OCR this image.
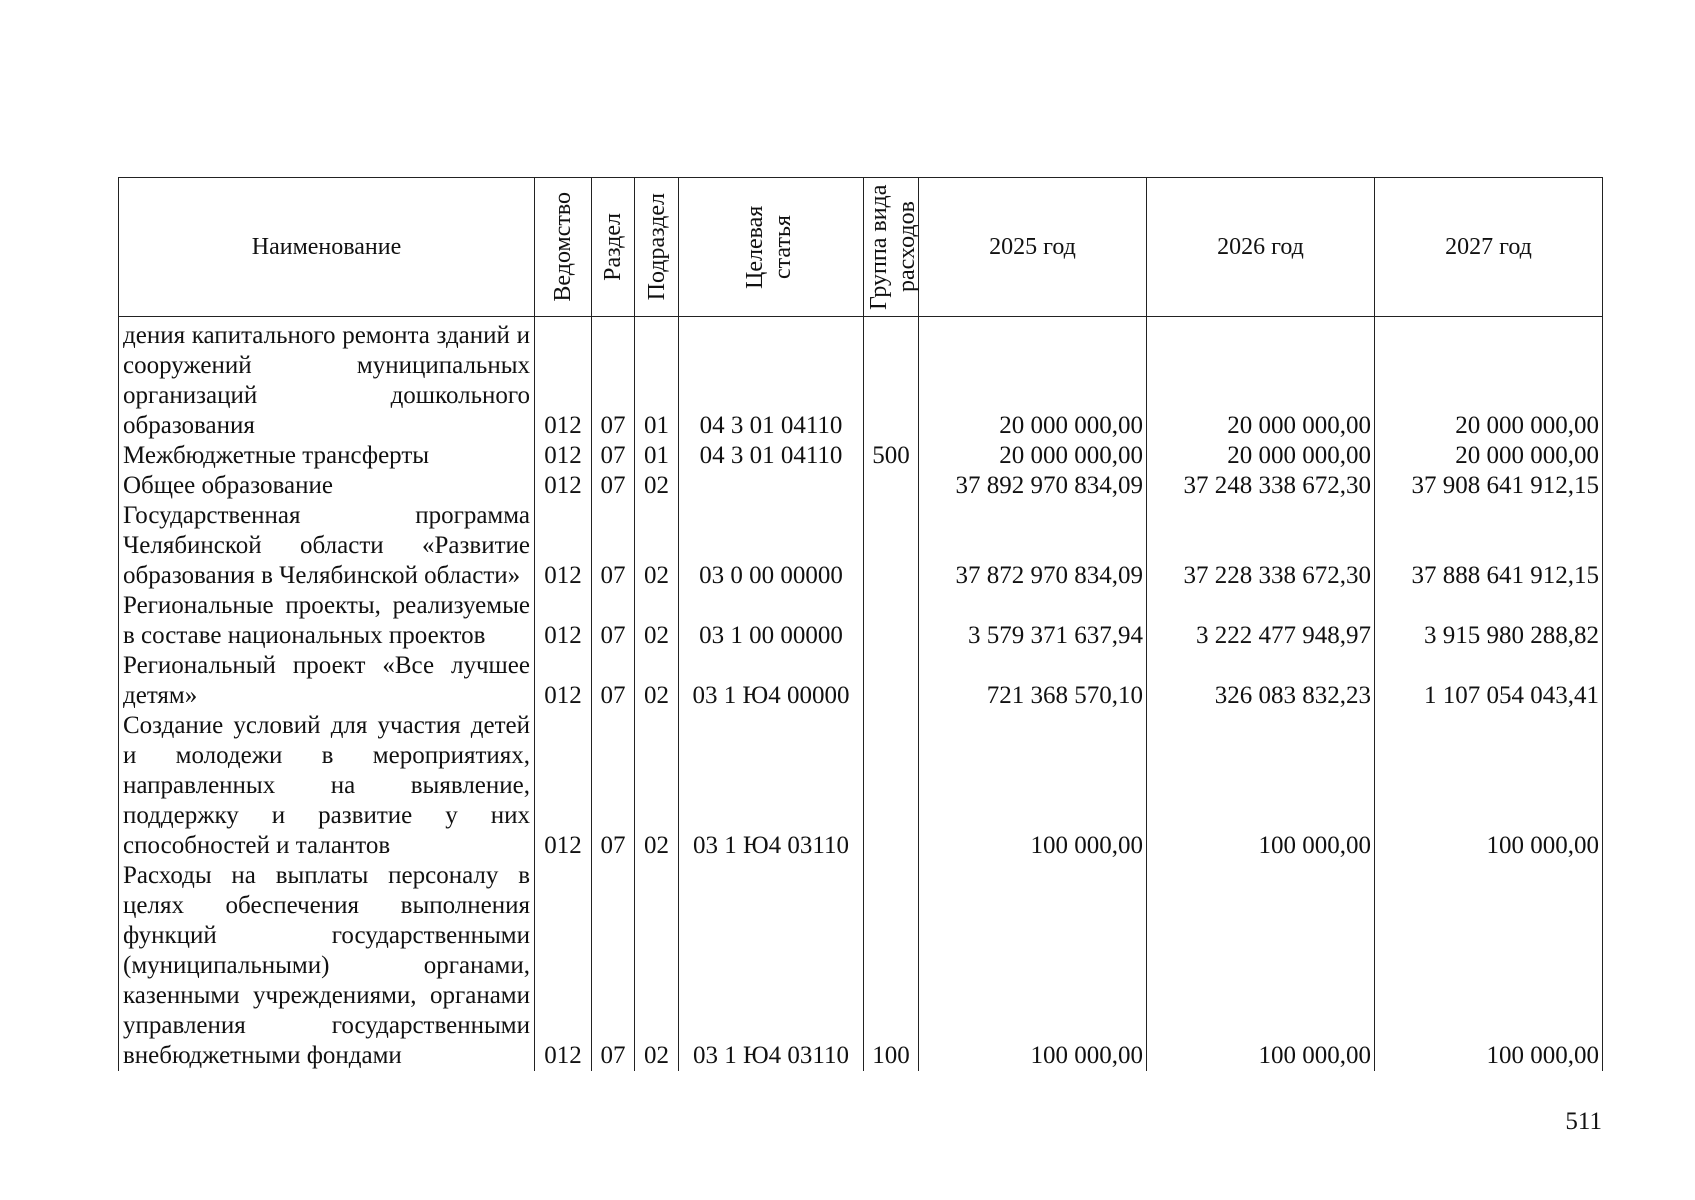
Наименование	Ведомство	Раздел	Подраздел	Целевая статья	Группа вида расходов	2025 год	2026 год	2027 год
дения капитального ремонта зданий и сооружений муниципальных организаций дошкольного образования	012	07	01	04 3 01 04110		20 000 000,00	20 000 000,00	20 000 000,00
Межбюджетные трансферты	012	07	01	04 3 01 04110	500	20 000 000,00	20 000 000,00	20 000 000,00
Общее образование	012	07	02			37 892 970 834,09	37 248 338 672,30	37 908 641 912,15
Государственная программа Челябинской области «Развитие образования в Челябинской области»	012	07	02	03 0 00 00000		37 872 970 834,09	37 228 338 672,30	37 888 641 912,15
Региональные проекты, реализуемые в составе национальных проектов	012	07	02	03 1 00 00000		3 579 371 637,94	3 222 477 948,97	3 915 980 288,82
Региональный проект «Все лучшее детям»	012	07	02	03 1 Ю4 00000		721 368 570,10	326 083 832,23	1 107 054 043,41
Создание условий для участия детей и молодежи в мероприятиях, направленных на выявление, поддержку и развитие у них способностей и талантов	012	07	02	03 1 Ю4 03110		100 000,00	100 000,00	100 000,00
Расходы на выплаты персоналу в целях обеспечения выполнения функций государственными (муниципальными) органами, казенными учреждениями, органами управления государственными внебюджетными фондами	012	07	02	03 1 Ю4 03110	100	100 000,00	100 000,00	100 000,00
511
